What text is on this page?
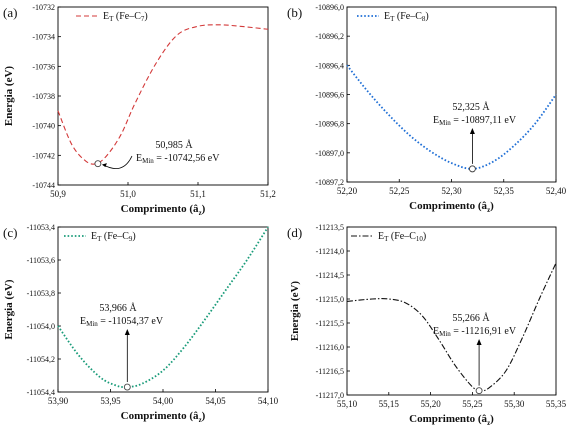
-10744
-10742
-10740
-10738
-10736
-10734
-10732
50,9	51,0	51,1	51,2
Comprimento $(â_z)$
Energia (eV)
(a)	$E_T$ $(Fe-C_7)$
50,985 Å
$E_{Min} = -10742,56$ eV
-10897,2
-10897,0
-10896,8
-10896,6
-10896,4
-10896,2
-10896,0
52,20	52,25	52,30	52,35	52,40
Comprimento $(â_z)$
(b)	$E_T$ $(Fe-C_8)$
52,325 Å
$E_{Min} = -10897,11$ eV
-11054,4
-11054,2
-11054,0
-11053,8
-11053,6
-11053,4
53,90	53,95	54,00	54,05	54,10
Comprimento $(â_z)$
Energia (eV)
(c)	$E_T$ $(Fe-C_9)$
53,966 Å
$E_{Min} = -11054,37$ eV
-11217,0
-11216,5
-11216,0
-11215,5
-11215,0
-11214,5
-11214,0
-11213,5
55,10 55,15 55,20 55,25 55,30 55,35
Comprimento $(â_z)$
Energia (eV)
(d)	$E_T$ $(Fe-C_{10})$
55,266 Å
$E_{Min} = -11216,91$ eV
